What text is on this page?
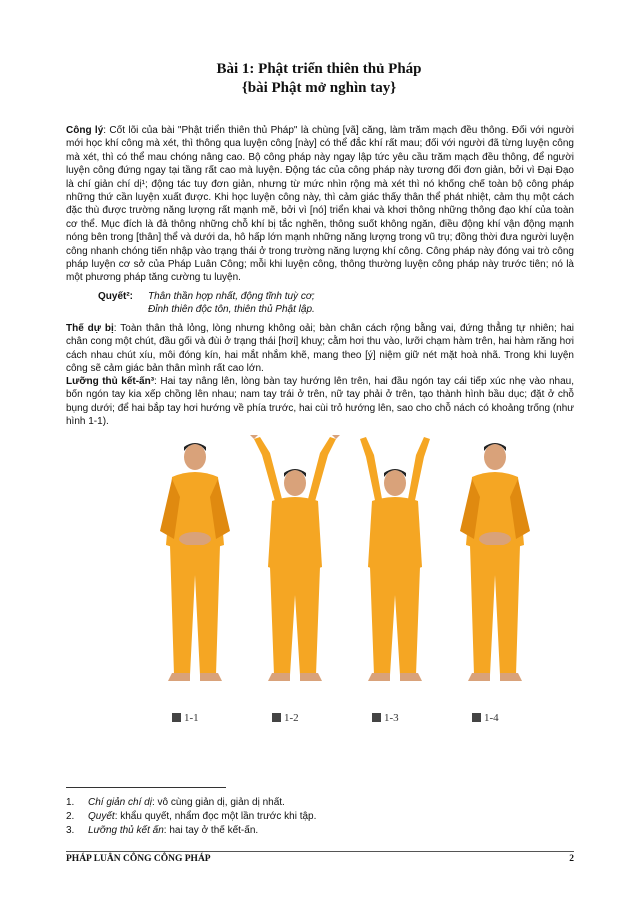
Bài 1: Phật triển thiên thủ Pháp
{bài Phật mở nghìn tay}
Công lý: Cốt lõi của bài "Phật triển thiên thủ Pháp" là chùng [vã] căng, làm trăm mạch đều thông. Đối với người mới học khí công mà xét, thì thông qua luyện công [này] có thể đắc khí rất mau; đối với người đã từng luyện công mà xét, thì có thể mau chóng nâng cao. Bộ công pháp này ngay lập tức yêu cầu trăm mạch đều thông, để người luyện công đứng ngay tại tầng rất cao mà luyện. Động tác của công pháp này tương đối đơn giản, bởi vì Đại Đạo là chí giản chí dị¹; động tác tuy đơn giản, nhưng từ mức nhìn rộng mà xét thì nó khống chế toàn bộ công pháp những thứ cần luyện xuất được. Khi học luyện công này, thì cảm giác thấy thân thể phát nhiệt, cảm thụ một cách đặc thù được trường năng lượng rất mạnh mẽ, bởi vì [nó] triển khai và khơi thông những thông đạo khí của toàn cơ thể. Mục đích là đả thông những chỗ khí bị tắc nghẽn, thông suốt không ngăn, điều động khí vận động mạnh nóng bên trong [thân] thể và dưới da, hô hấp lớn mạnh những năng lượng trong vũ trụ; đồng thời đưa người luyện công nhanh chóng tiến nhập vào trạng thái ở trong trường năng lượng khí công. Công pháp này đóng vai trò công pháp luyện cơ sở của Pháp Luân Công; mỗi khi luyện công, thông thường luyện công pháp này trước tiên; nó là một phương pháp tăng cường tu luyện.
Quyết²:	Thân thần hợp nhất, động tĩnh tuỳ cơ;
Đỉnh thiên độc tôn, thiên thủ Phật lập.
Thế dự bị: Toàn thân thả lỏng, lòng nhưng không oải; bàn chân cách rộng bằng vai, đứng thẳng tự nhiên; hai chân cong một chút, đầu gối và đùi ở trạng thái [hơi] khuỵ; cằm hơi thu vào, lưỡi chạm hàm trên, hai hàm răng hơi cách nhau chút xíu, môi đóng kín, hai mắt nhắm khẽ, mang theo [ý] niệm giữ nét mặt hoà nhã. Trong khi luyện công sẽ cảm giác bản thân mình rất cao lớn.
Lưỡng thủ kết-ấn³: Hai tay nâng lên, lòng bàn tay hướng lên trên, hai đầu ngón tay cái tiếp xúc nhẹ vào nhau, bốn ngón tay kia xếp chồng lên nhau; nam tay trái ở trên, nữ tay phải ở trên, tạo thành hình bầu dục; đặt ở chỗ bụng dưới; để hai bắp tay hơi hướng về phía trước, hai cùi trỏ hướng lên, sao cho chỗ nách có khoảng trống (như hình 1-1).
1-1	1-2	1-3	1-4
1.	Chí giản chí dị: vô cùng giản dị, giản dị nhất.
2.	Quyết: khẩu quyết, nhẩm đọc một lần trước khi tập.
3.	Lưỡng thủ kết ấn: hai tay ở thế kết-ấn.
PHÁP LUÂN CÔNG CÔNG PHÁP	2
